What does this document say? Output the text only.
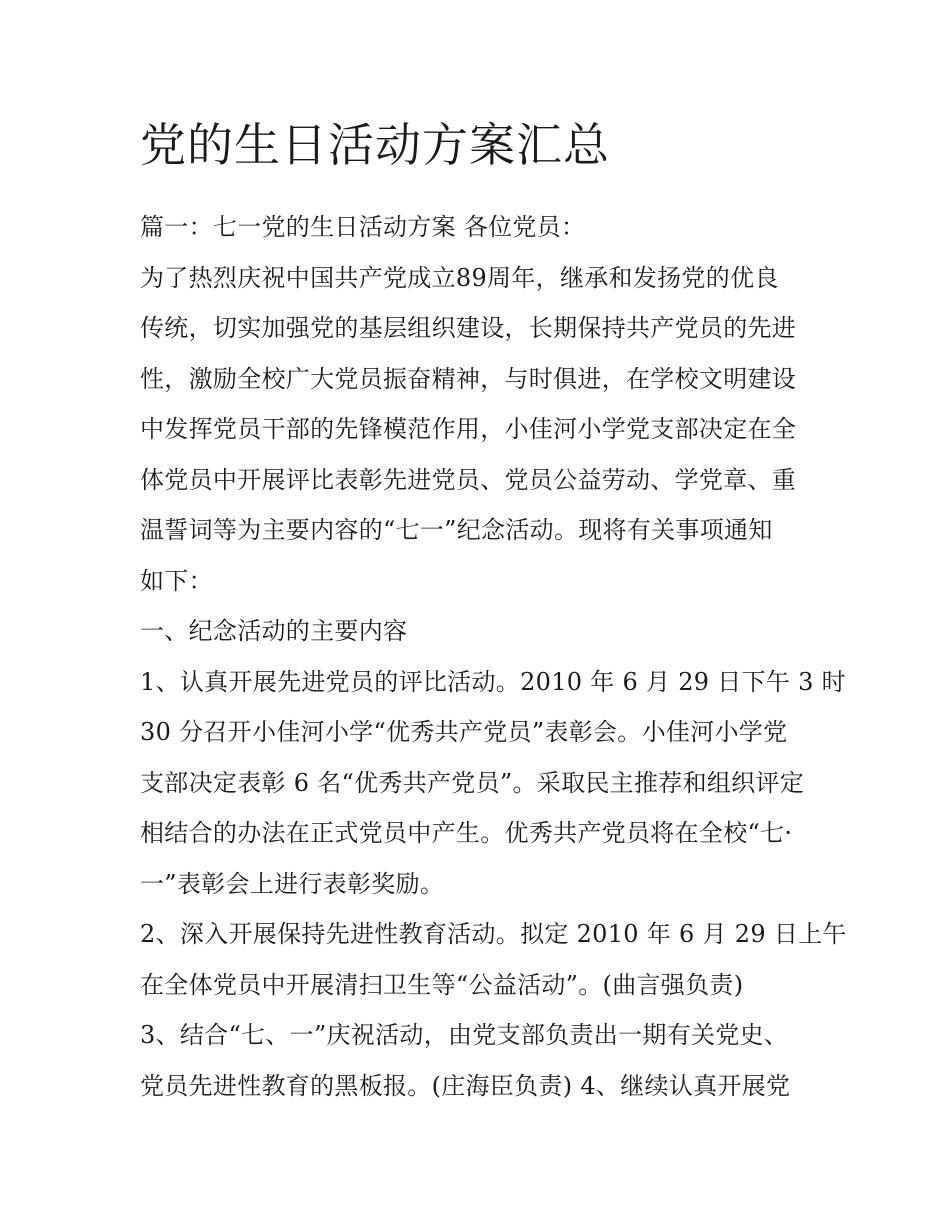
党的生日活动方案汇总

篇一：七一党的生日活动方案 各位党员：

为了热烈庆祝中国共产党成立89周年，继承和发扬党的优良

传统，切实加强党的基层组织建设，长期保持共产党员的先进

性，激励全校广大党员振奋精神，与时俱进，在学校文明建设

中发挥党员干部的先锋模范作用，小佳河小学党支部决定在全

体党员中开展评比表彰先进党员、党员公益劳动、学党章、重

温誓词等为主要内容的“七一”纪念活动。现将有关事项通知

如下：

一、纪念活动的主要内容

1、认真开展先进党员的评比活动。2010 年 6 月 29 日下午 3 时

30 分召开小佳河小学“优秀共产党员”表彰会。小佳河小学党

支部决定表彰 6 名“优秀共产党员”。采取民主推荐和组织评定

相结合的办法在正式党员中产生。优秀共产党员将在全校“七·

一”表彰会上进行表彰奖励。

2、深入开展保持先进性教育活动。拟定 2010 年 6 月 29 日上午

在全体党员中开展清扫卫生等“公益活动”。(曲言强负责)

3、结合“七、一”庆祝活动，由党支部负责出一期有关党史、

党员先进性教育的黑板报。(庄海臣负责) 4、继续认真开展党
